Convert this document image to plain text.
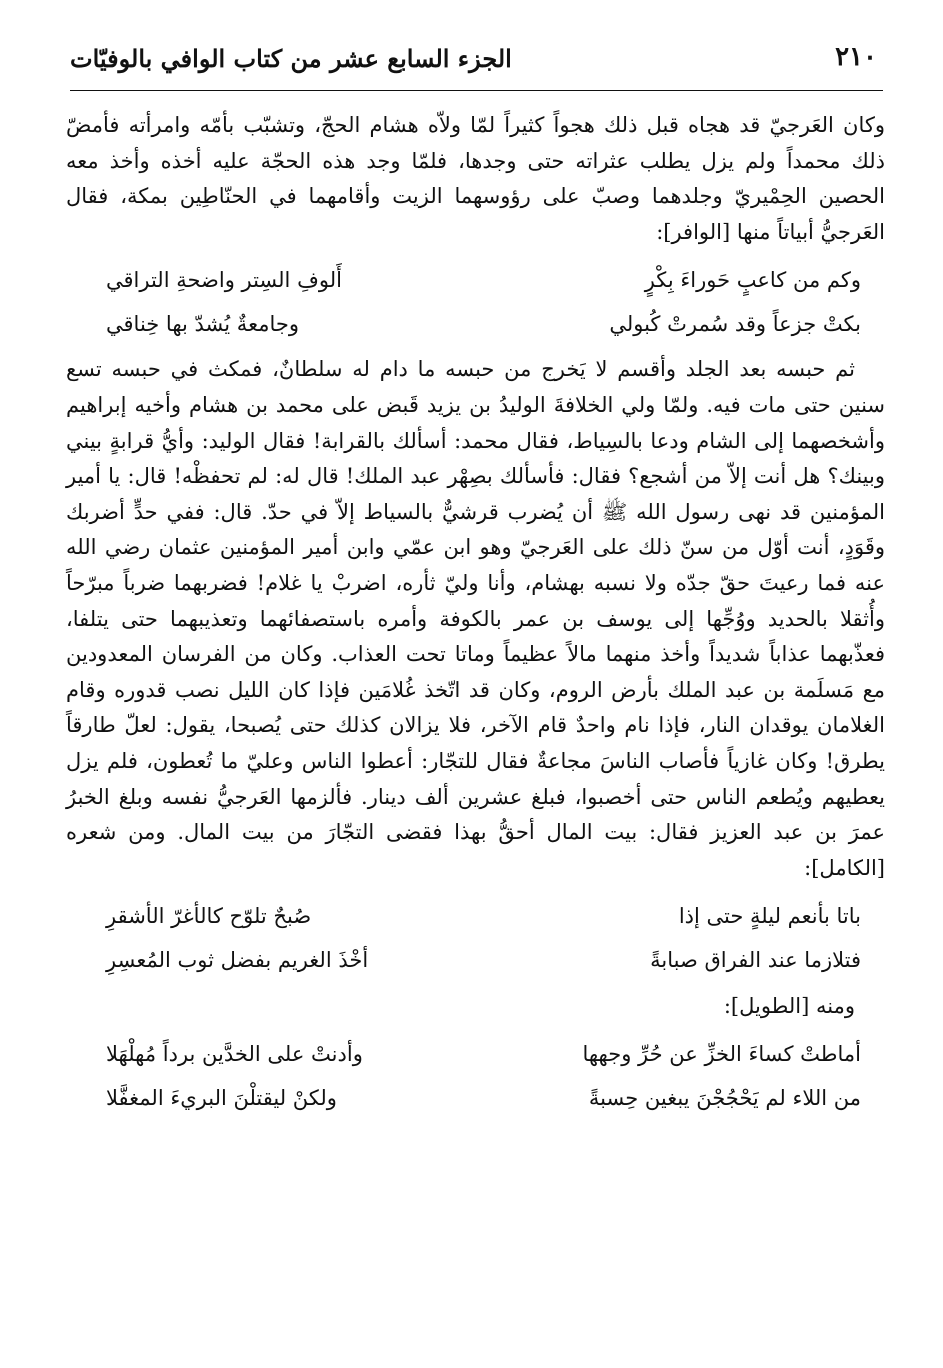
٢١٠
الجزء السابع عشر من كتاب الوافي بالوفيّات

وكان العَرجيّ قد هجاه قبل ذلك هجواً كثيراً لمّا ولاّه هشام الحجّ، وتشبّب بأمّه وامرأته فأمضّ ذلك محمداً ولم يزل يطلب عثراته حتى وجدها، فلمّا وجد هذه الحجّة عليه أخذه وأخذ معه الحصين الحِمْيريّ وجلدهما وصبّ على رؤوسهما الزيت وأقامهما في الحنّاطِين بمكة، فقال العَرجيُّ أبياتاً منها [الوافر]:

وكم من كاعبٍ حَوراءَ بِكْرٍ
أَلوفِ السِتر واضحةِ التراقي
بكتْ جزعاً وقد سُمرتْ كُبولي
وجامعةٌ يُشدّ بها خِناقي

ثم حبسه بعد الجلد وأقسم لا يَخرج من حبسه ما دام له سلطانٌ، فمكث في حبسه تسع سنين حتى مات فيه. ولمّا ولي الخلافةَ الوليدُ بن يزيد قَبض على محمد بن هشام وأخيه إبراهيم وأشخصهما إلى الشام ودعا بالسِياط، فقال محمد: أسألك بالقرابة! فقال الوليد: وأيُّ قرابةٍ بيني وبينك؟ هل أنت إلاّ من أشجع؟ فقال: فأسألك بصِهْر عبد الملك! قال له: لم تحفظْه! قال: يا أمير المؤمنين قد نهى رسول الله ﷺ أن يُضرب قرشيٌّ بالسياط إلاّ في حدّ. قال: ففي حدٍّ أضربك وقَوَدٍ، أنت أوّل من سنّ ذلك على العَرجيّ وهو ابن عمّي وابن أمير المؤمنين عثمان رضي الله عنه فما رعيتَ حقّ جدّه ولا نسبه بهشام، وأنا وليّ ثأره، اضربْ يا غلام! فضربهما ضرباً مبرّحاً وأُثقلا بالحديد ووُجِّها إلى يوسف بن عمر بالكوفة وأمره باستصفائهما وتعذيبهما حتى يتلفا، فعذّبهما عذاباً شديداً وأخذ منهما مالاً عظيماً وماتا تحت العذاب. وكان من الفرسان المعدودين مع مَسلَمة بن عبد الملك بأرض الروم، وكان قد اتّخذ غُلامَين فإذا كان الليل نصب قدوره وقام الغلامان يوقدان النار، فإذا نام واحدٌ قام الآخر، فلا يزالان كذلك حتى يُصبحا، يقول: لعلّ طارقاً يطرق! وكان غازياً فأصاب الناسَ مجاعةٌ فقال للتجّار: أعطوا الناس وعليّ ما تُعطون، فلم يزل يعطيهم ويُطعم الناس حتى أخصبوا، فبلغ عشرين ألف دينار. فألزمها العَرجيُّ نفسه وبلغ الخبرُ عمرَ بن عبد العزيز فقال: بيت المال أحقُّ بهذا فقضى التجّارَ من بيت المال. ومن شعره [الكامل]:

باتا بأنعم ليلةٍ حتى إذا
صُبحٌ تلوّح كالأغرّ الأشقرِ
فتلازما عند الفراق صبابةً
أخْذَ الغريم بفضل ثوب المُعسِرِ

ومنه [الطويل]:

أماطتْ كساءَ الخزِّ عن حُرِّ وجهها
وأدنتْ على الخدَّين برداً مُهلْهَلا
من اللاء لم يَحْجُجْنَ يبغين حِسبةً
ولكنْ ليقتلْنَ البريءَ المغفَّلا
